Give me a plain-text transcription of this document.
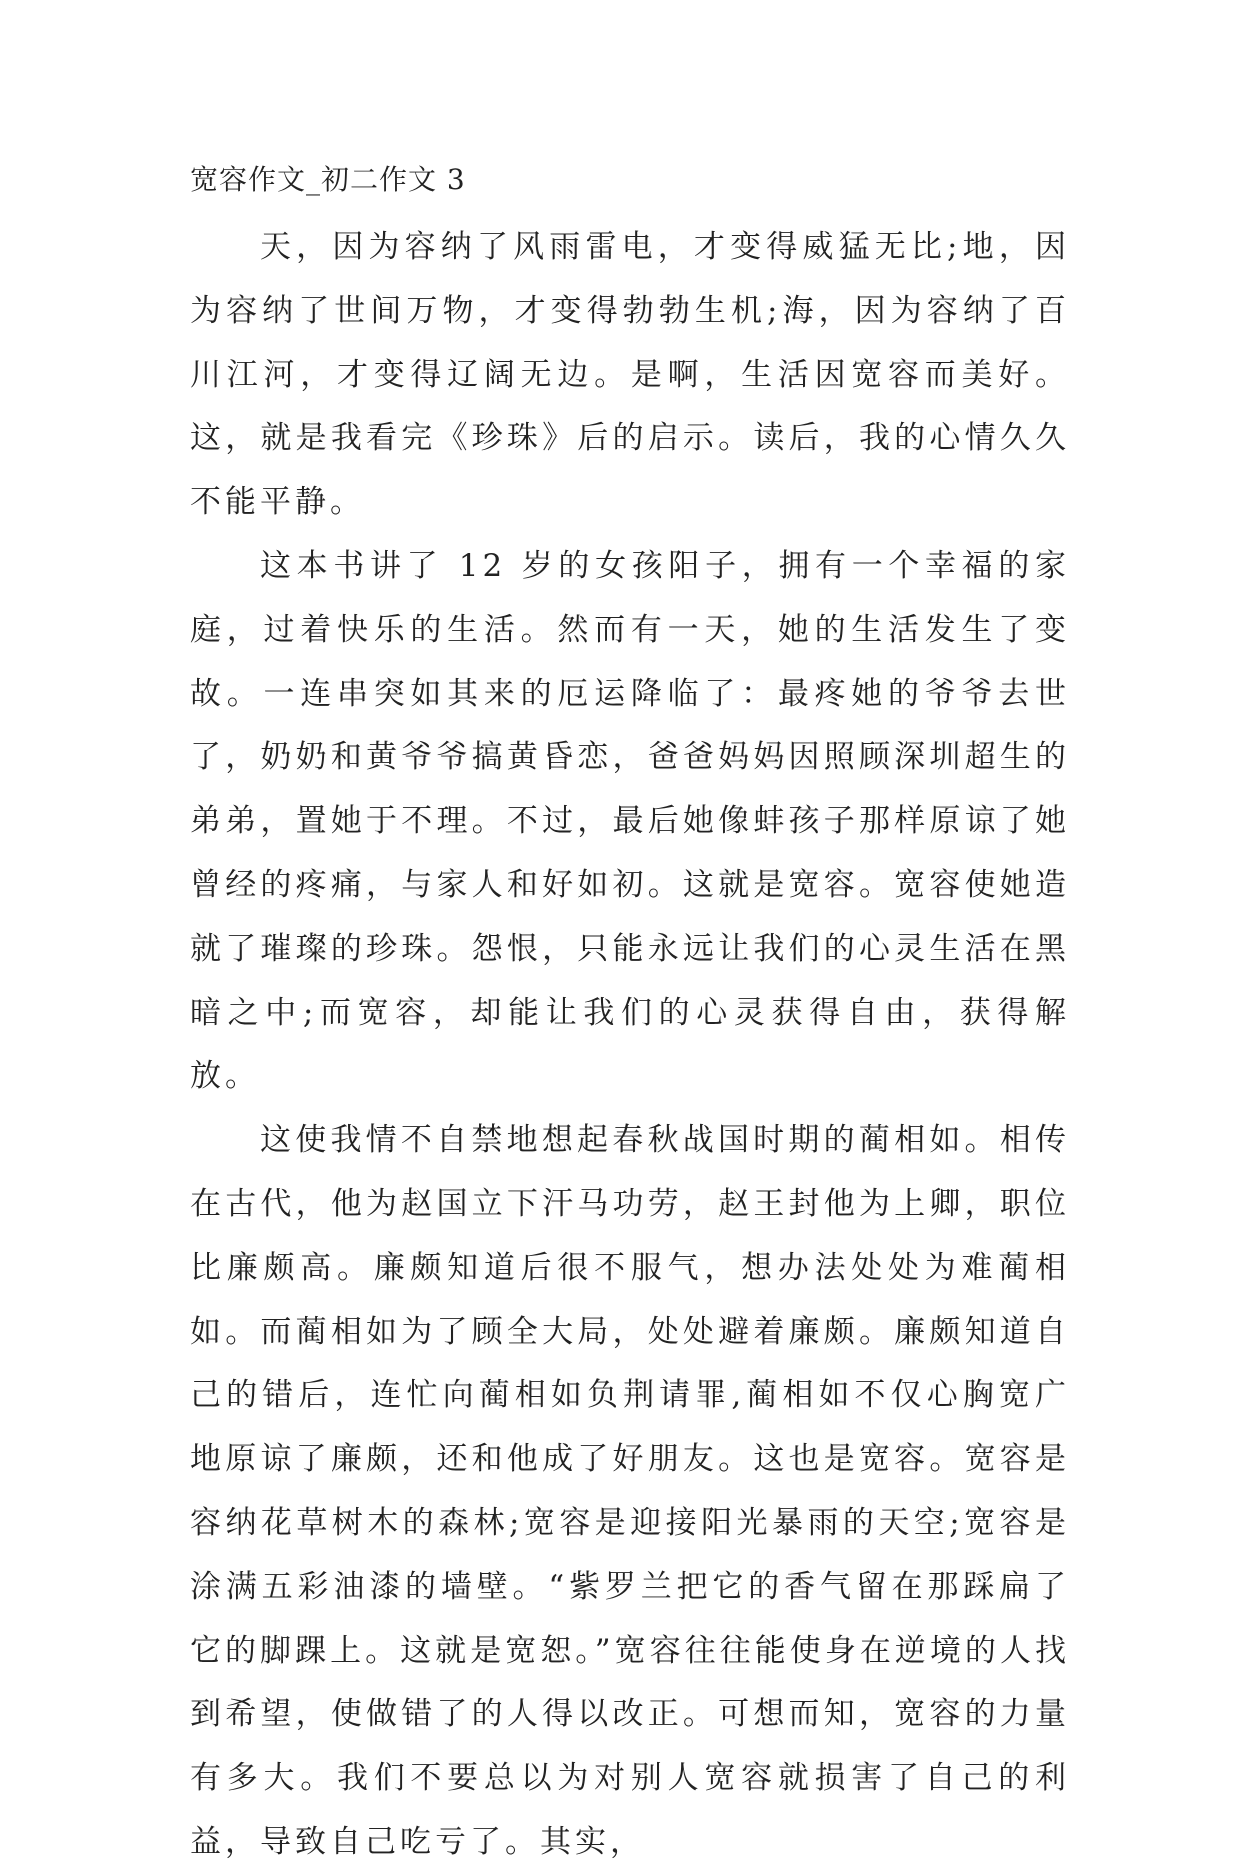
宽容作文_初二作文 3

天，因为容纳了风雨雷电，才变得威猛无比;地，因为容纳了世间万物，才变得勃勃生机;海，因为容纳了百川江河，才变得辽阔无边。是啊，生活因宽容而美好。这，就是我看完《珍珠》后的启示。读后，我的心情久久不能平静。

这本书讲了 12 岁的女孩阳子，拥有一个幸福的家庭，过着快乐的生活。然而有一天，她的生活发生了变故。一连串突如其来的厄运降临了：最疼她的爷爷去世了，奶奶和黄爷爷搞黄昏恋，爸爸妈妈因照顾深圳超生的弟弟，置她于不理。不过，最后她像蚌孩子那样原谅了她曾经的疼痛，与家人和好如初。这就是宽容。宽容使她造就了璀璨的珍珠。怨恨，只能永远让我们的心灵生活在黑暗之中;而宽容，却能让我们的心灵获得自由，获得解放。

这使我情不自禁地想起春秋战国时期的蔺相如。相传在古代，他为赵国立下汗马功劳，赵王封他为上卿，职位比廉颇高。廉颇知道后很不服气，想办法处处为难蔺相如。而蔺相如为了顾全大局，处处避着廉颇。廉颇知道自己的错后，连忙向蔺相如负荆请罪,蔺相如不仅心胸宽广地原谅了廉颇，还和他成了好朋友。这也是宽容。宽容是容纳花草树木的森林;宽容是迎接阳光暴雨的天空;宽容是涂满五彩油漆的墙壁。“紫罗兰把它的香气留在那踩扁了它的脚踝上。这就是宽恕。”宽容往往能使身在逆境的人找到希望，使做错了的人得以改正。可想而知，宽容的力量有多大。我们不要总以为对别人宽容就损害了自己的利益，导致自己吃亏了。其实，
